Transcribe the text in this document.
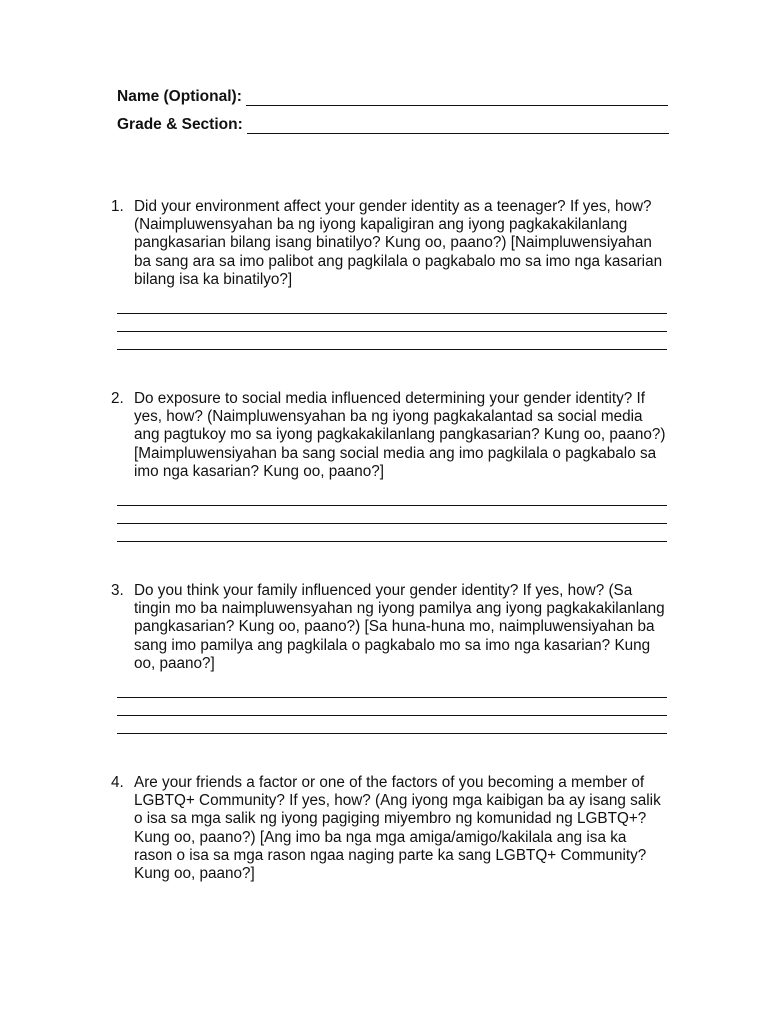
Name (Optional):
Grade & Section:
1. Did your environment affect your gender identity as a teenager? If yes, how?
(Naimpluwensyahan ba ng iyong kapaligiran ang iyong pagkakakilanlang
pangkasarian bilang isang binatilyo? Kung oo, paano?) [Naimpluwensiyahan
ba sang ara sa imo palibot ang pagkilala o pagkabalo mo sa imo nga kasarian
bilang isa ka binatilyo?]
2. Do exposure to social media influenced determining your gender identity? If
yes, how? (Naimpluwensyahan ba ng iyong pagkakalantad sa social media
ang pagtukoy mo sa iyong pagkakakilanlang pangkasarian? Kung oo, paano?)
[Maimpluwensiyahan ba sang social media ang imo pagkilala o pagkabalo sa
imo nga kasarian? Kung oo, paano?]
3. Do you think your family influenced your gender identity? If yes, how? (Sa
tingin mo ba naimpluwensyahan ng iyong pamilya ang iyong pagkakakilanlang
pangkasarian? Kung oo, paano?) [Sa huna-huna mo, naimpluwensiyahan ba
sang imo pamilya ang pagkilala o pagkabalo mo sa imo nga kasarian? Kung
oo, paano?]
4. Are your friends a factor or one of the factors of you becoming a member of
LGBTQ+ Community? If yes, how? (Ang iyong mga kaibigan ba ay isang salik
o isa sa mga salik ng iyong pagiging miyembro ng komunidad ng LGBTQ+?
Kung oo, paano?) [Ang imo ba nga mga amiga/amigo/kakilala ang isa ka
rason o isa sa mga rason ngaa naging parte ka sang LGBTQ+ Community?
Kung oo, paano?]
